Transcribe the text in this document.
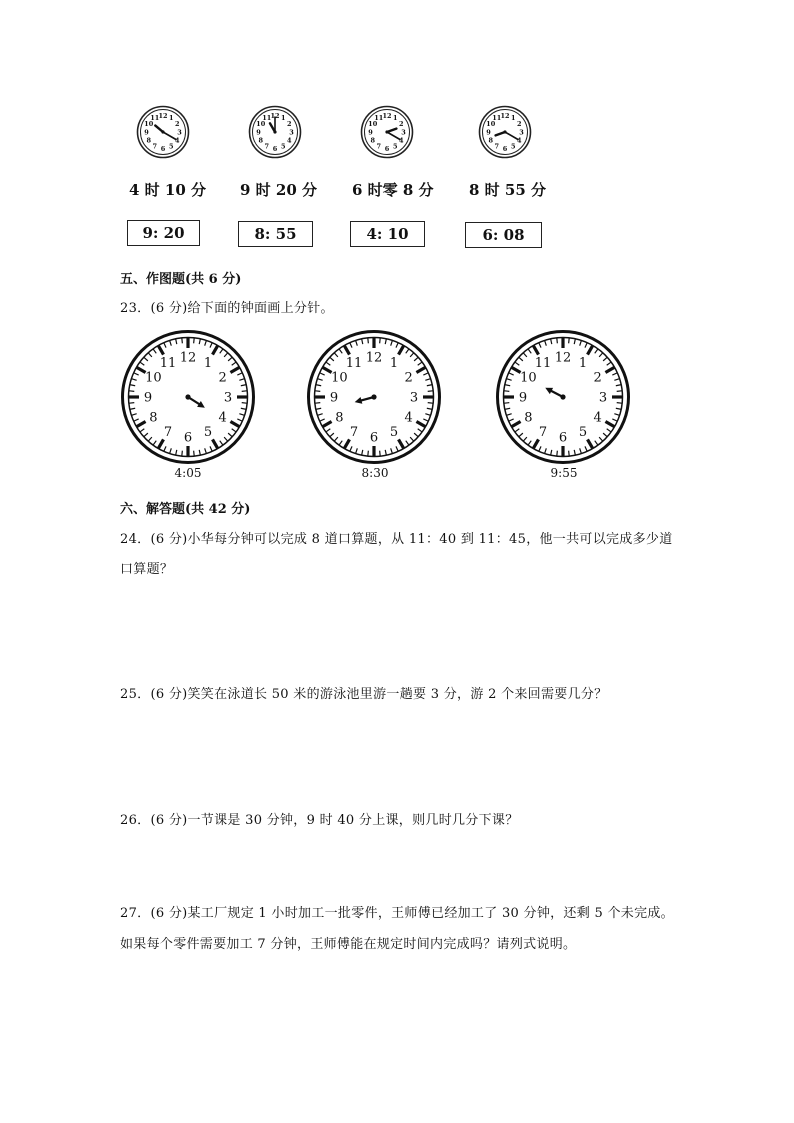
12 1
2
3
4
5
6
7
8
9
10
11	12 1
2
3
4
5
6
7
8
9
10
11	12 1
2
3
4
5
6
7
8
9
10
11	12 1
2
3
4
5
6
7
8
9
10
11
4 时 10 分 9 时 20 分 6 时零 8 分 8 时 55 分
9: 20	8: 55	4: 10	6: 08
五、作图题(共 6 分)
23．(6 分)给下面的钟面画上分针。
12 1
2
3
4
5
6
7
8
9
10
11	12 1
2
3
4
5
6
7
8
9
10
11	12 1
2
3
4
5
6
7
8
9
10
11
4:05	8:30	9:55
六、解答题(共 42 分)
24．(6 分)小华每分钟可以完成 8 道口算题，从 11：40 到 11：45，他一共可以完成多少道
口算题？
25．(6 分)笑笑在泳道长 50 米的游泳池里游一趟要 3 分，游 2 个来回需要几分？
26．(6 分)一节课是 30 分钟，9 时 40 分上课，则几时几分下课？
27．(6 分)某工厂规定 1 小时加工一批零件，王师傅已经加工了 30 分钟，还剩 5 个未完成。
如果每个零件需要加工 7 分钟，王师傅能在规定时间内完成吗？请列式说明。
